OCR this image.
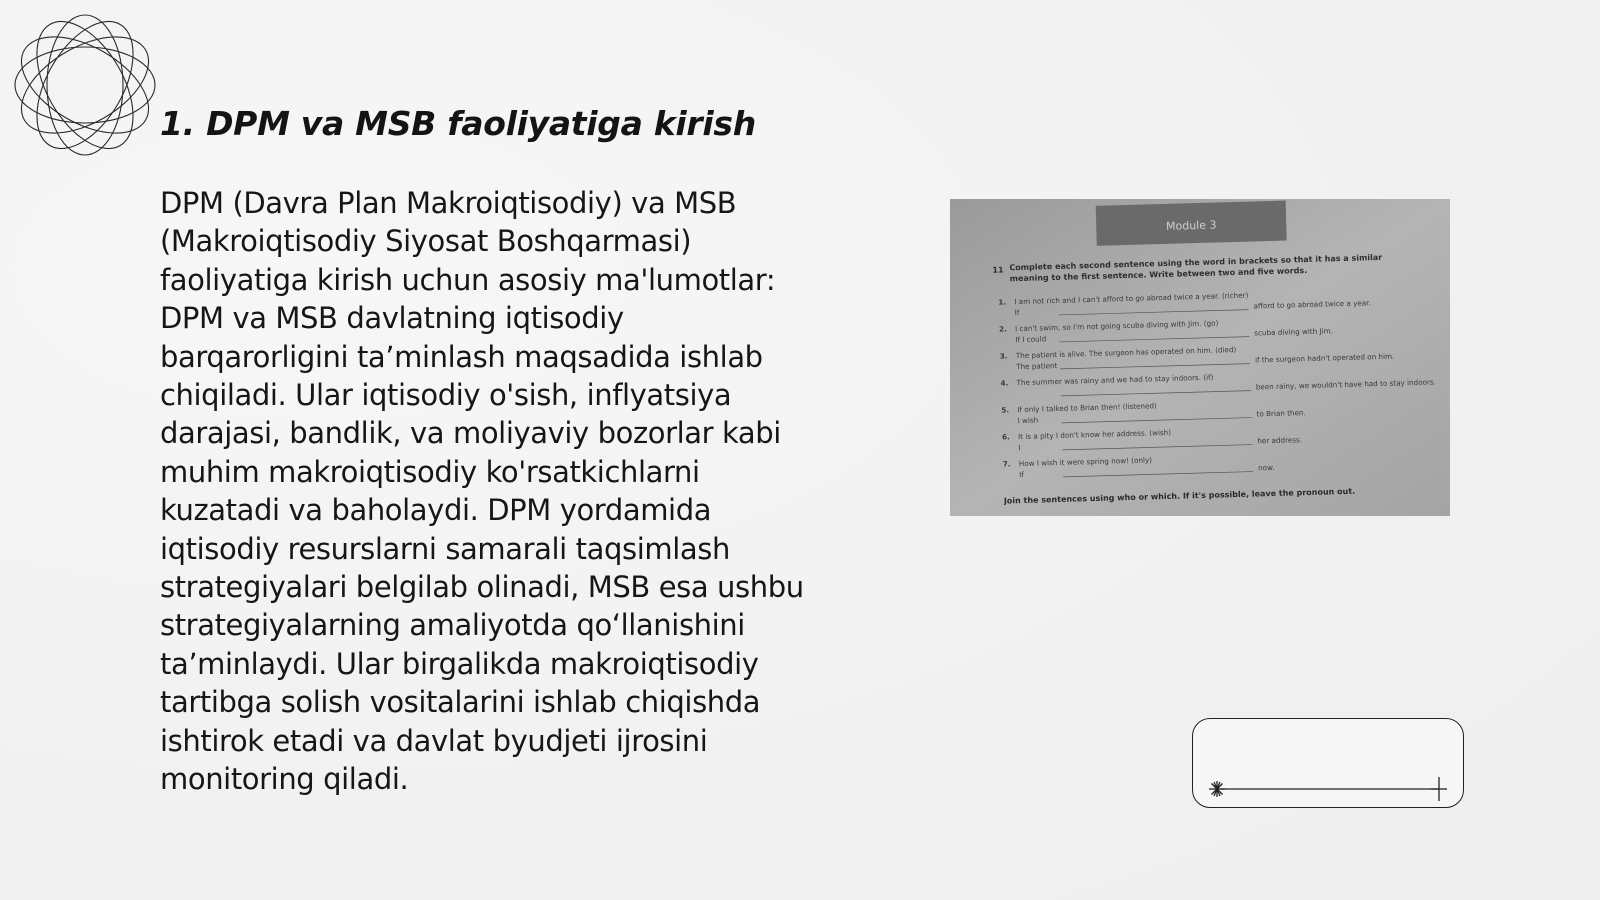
1. DPM va MSB faoliyatiga kirish

DPM (Davra Plan Makroiqtisodiy) va MSB (Makroiqtisodiy Siyosat Boshqarmasi) faoliyatiga kirish uchun asosiy ma'lumotlar: DPM va MSB davlatning iqtisodiy barqarorligini ta’minlash maqsadida ishlab chiqiladi. Ular iqtisodiy o'sish, inflyatsiya darajasi, bandlik, va moliyaviy bozorlar kabi muhim makroiqtisodiy ko'rsatkichlarni kuzatadi va baholaydi. DPM yordamida iqtisodiy resurslarni samarali taqsimlash strategiyalari belgilab olinadi, MSB esa ushbu strategiyalarning amaliyotda qo‘llanishini ta’minlaydi. Ular birgalikda makroiqtisodiy tartibga solish vositalarini ishlab chiqishda ishtirok etadi va davlat byudjeti ijrosini monitoring qiladi.

Module 3
11 Complete each second sentence using the word in brackets so that it has a similar meaning to the first sentence. Write between two and five words.
1. I am not rich and I can't afford to go abroad twice a year. (richer)
If
afford to go abroad twice a year.
2. I can't swim, so I'm not going scuba diving with Jim. (go)
If I could
scuba diving with Jim.
3. The patient is alive. The surgeon has operated on him. (died)
The patient
if the surgeon hadn't operated on him.
4. The summer was rainy and we had to stay indoors. (if)	been rainy, we wouldn't have had to stay indoors.
5. If only I talked to Brian then! (listened)
I wish
to Brian then.
6. It is a pity I don't know her address. (wish)
I
her address.
7. How I wish it were spring now! (only)
If
now.
Join the sentences using who or which. If it's possible, leave the pronoun out.
